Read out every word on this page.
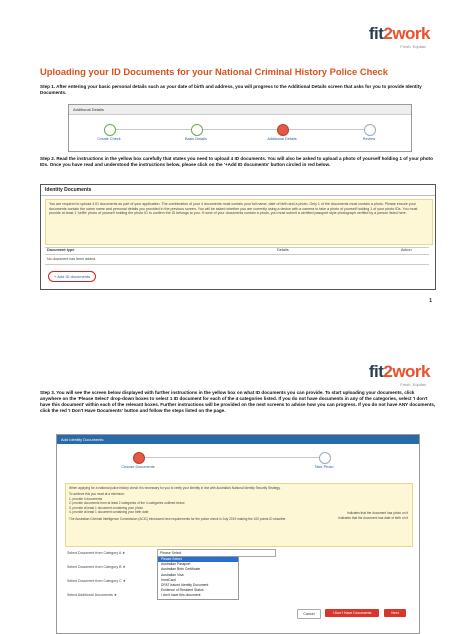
fit2work
Fresh. Equifax
Uploading your ID Documents for your National Criminal History Police Check
Step 1. After entering your basic personal details such as your date of birth and address, you will progress to the Additional Details screen that asks for you to provide Identity Documents.
Additional Details
Create Check	Basic Details	Additional Details	Review
Step 2. Read the instructions in the yellow box carefully that states you need to upload 4 ID documents. You will also be asked to upload a photo of yourself holding 1 of your photo IDs. Once you have read and understood the instructions below, please click on the '+Add ID documents' button circled in red below.
Identity Documents
You are required to upload 4 ID documents as part of your application. The combination of your 4 documents must contain your full name, date of birth and a photo. Only 1 of the documents must contain a photo. Please ensure your documents contain the same name and personal details you provided in the previous screen. You will be asked whether you are currently using a device with a camera to take a photo of yourself holding 1 of your photo IDs. You must provide at least 1 'selfie' photo of yourself holding the photo ID to confirm the ID belongs to you. If none of your documents contain a photo, you must submit a certified passport style photograph verified by a person listed here.
Document type	Details	Action
No document has been added.
+ Add ID documents
1
fit2work
Fresh. Equifax
Step 3. You will see the screen below displayed with further instructions in the yellow box on what ID documents you can provide. To start uploading your documents, click anywhere on the 'Please Select' drop-down boxes to select 1 ID document for each of the 4 categories listed. If you do not have documents in any of the categories, select 'I don't have this document' within each of the relevant boxes. Further instructions will be provided on the next screens to advise how you can progress. If you do not have ANY documents, click the red 'I Don't Have Documents' button and follow the steps listed on the page.
Add Identity Documents
Choose Documents	Take Photo
When applying for a national police history check it is necessary for you to verify your identity in line with Australia's National Identity Security Strategy.
To achieve this you must at a minimum:
1. provide 4 documents
2. provide documents from at least 2 categories of the 4 categories outlined below
3. provide at least 1 document containing your photo
4. provide at least 1 document containing your birth date
The Australian Criminal Intelligence Commission (ACIC) introduced new requirements for the police check in July 2019 making the 100 points ID obsolete.
Indicates that the document has photo on it
Indicates that the document has date of birth on it
Select Document from Category A ★	Please Select
Select Document from Category B ★
Select Document from Category C ★
Select Additional Documents ★
Please Select
Australian Passport
Australian Birth Certificate
Australian Visa
ImmiCard
DFAT issued Identity Document
Evidence of Resident Status
I don't have this document
Cancel	I Don't Have Documents	Next
